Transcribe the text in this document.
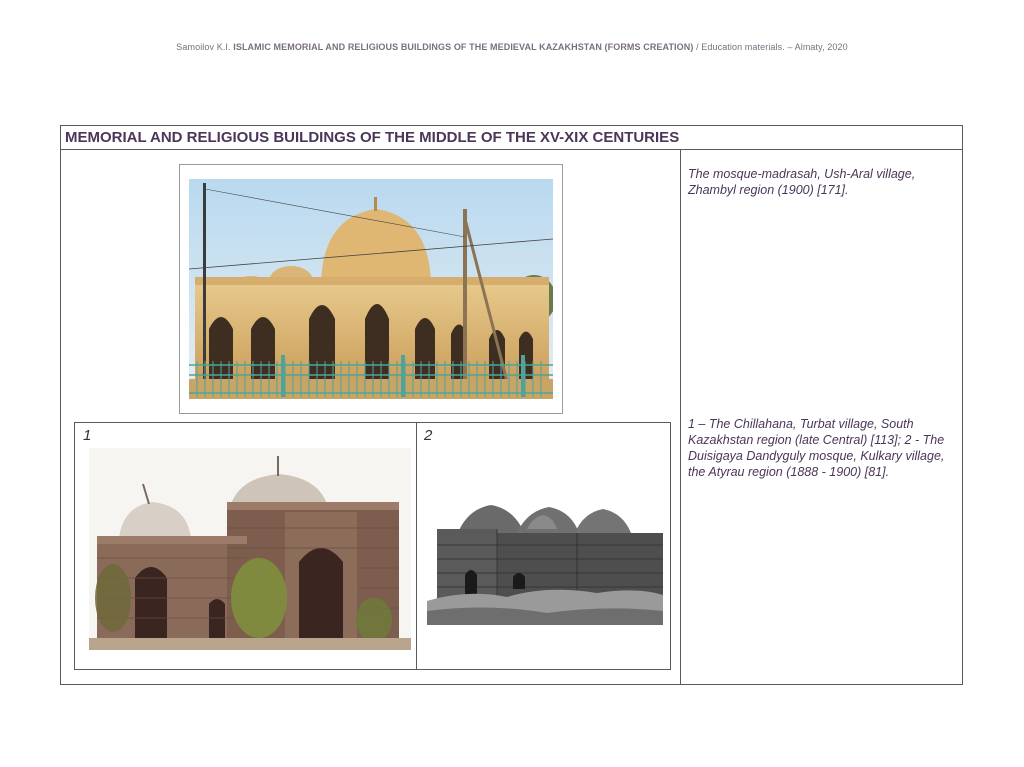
Samoilov K.I. ISLAMIC MEMORIAL AND RELIGIOUS BUILDINGS OF THE MEDIEVAL KAZAKHSTAN (FORMS CREATION) / Education materials. – Almaty, 2020
MEMORIAL AND RELIGIOUS BUILDINGS OF THE MIDDLE OF THE XV-XIX CENTURIES
The mosque-madrasah, Ush-Aral village, Zhambyl region (1900) [171].
1 – The Chillahana, Turbat village, South Kazakhstan region (late Central) [113]; 2 - The Duisigaya Dandyguly mosque, Kulkary village, the Atyrau region (1888 - 1900) [81].
1	2
